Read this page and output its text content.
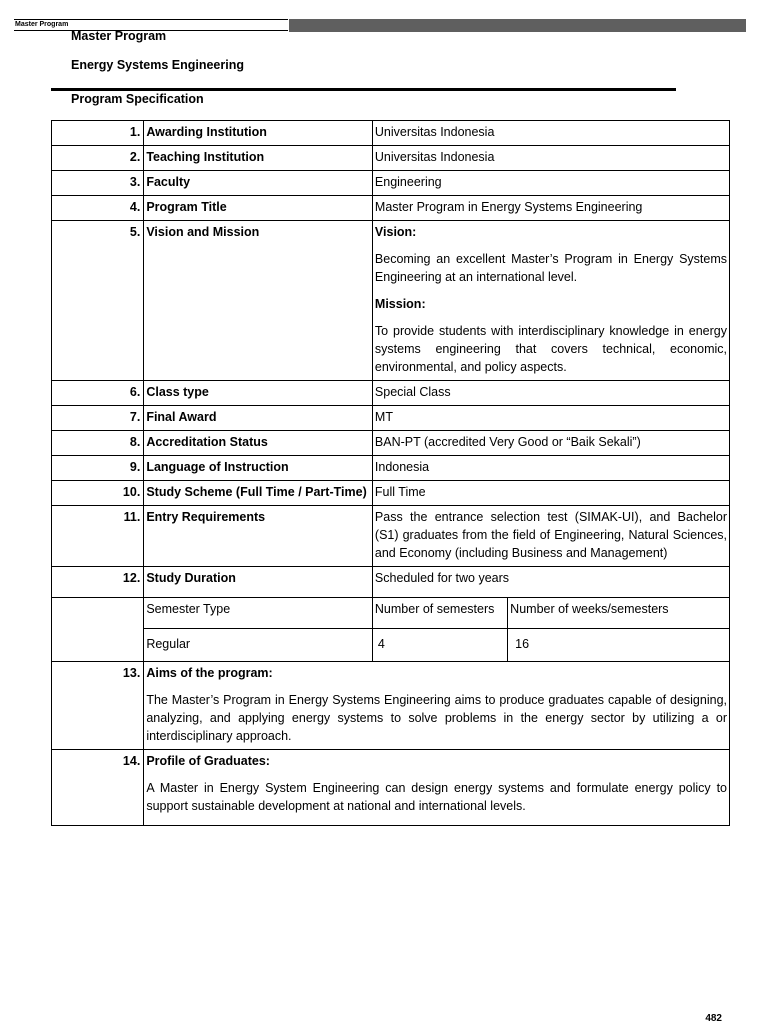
Master Program
Master Program
Energy Systems Engineering
Program Specification
1.	Awarding Institution	Universitas Indonesia	
2.	Teaching Institution	Universitas Indonesia	
3.	Faculty	Engineering	
4.	Program Title	Master Program in Energy Systems Engineering	
5.	Vision and Mission	Vision:
Becoming an excellent Master’s Program in Energy Systems Engineering at an international level.
Mission:
To provide students with interdisciplinary knowledge in energy systems engineering that covers technical, economic, environmental, and policy aspects.	

6.	Class type	Special Class	
7.	Final Award	MT	
8.	Accreditation Status	BAN-PT (accredited Very Good or “Baik Sekali”)	
9.	Language of Instruction	Indonesia	
10.	Study Scheme (Full Time / Part-Time)	Full Time	
11.	Entry Requirements	Pass the entrance selection test (SIMAK-UI), and Bachelor (S1) graduates from the field of Engineering, Natural Sciences, and Economy (including Business and Management)	
12.	Study Duration	Scheduled for two years	
	Semester Type	Number of semesters	Number of weeks/semesters
	Regular	4	16
13.	Aims of the program:
The Master’s Program in Energy Systems Engineering aims to produce graduates capable of designing, analyzing, and applying energy systems to solve problems in the energy sector by utilizing a or interdisciplinary approach.		

14.	Profile of Graduates:
A Master in Energy System Engineering can design energy systems and formulate energy policy to support sustainable development at national and international levels.		
482
